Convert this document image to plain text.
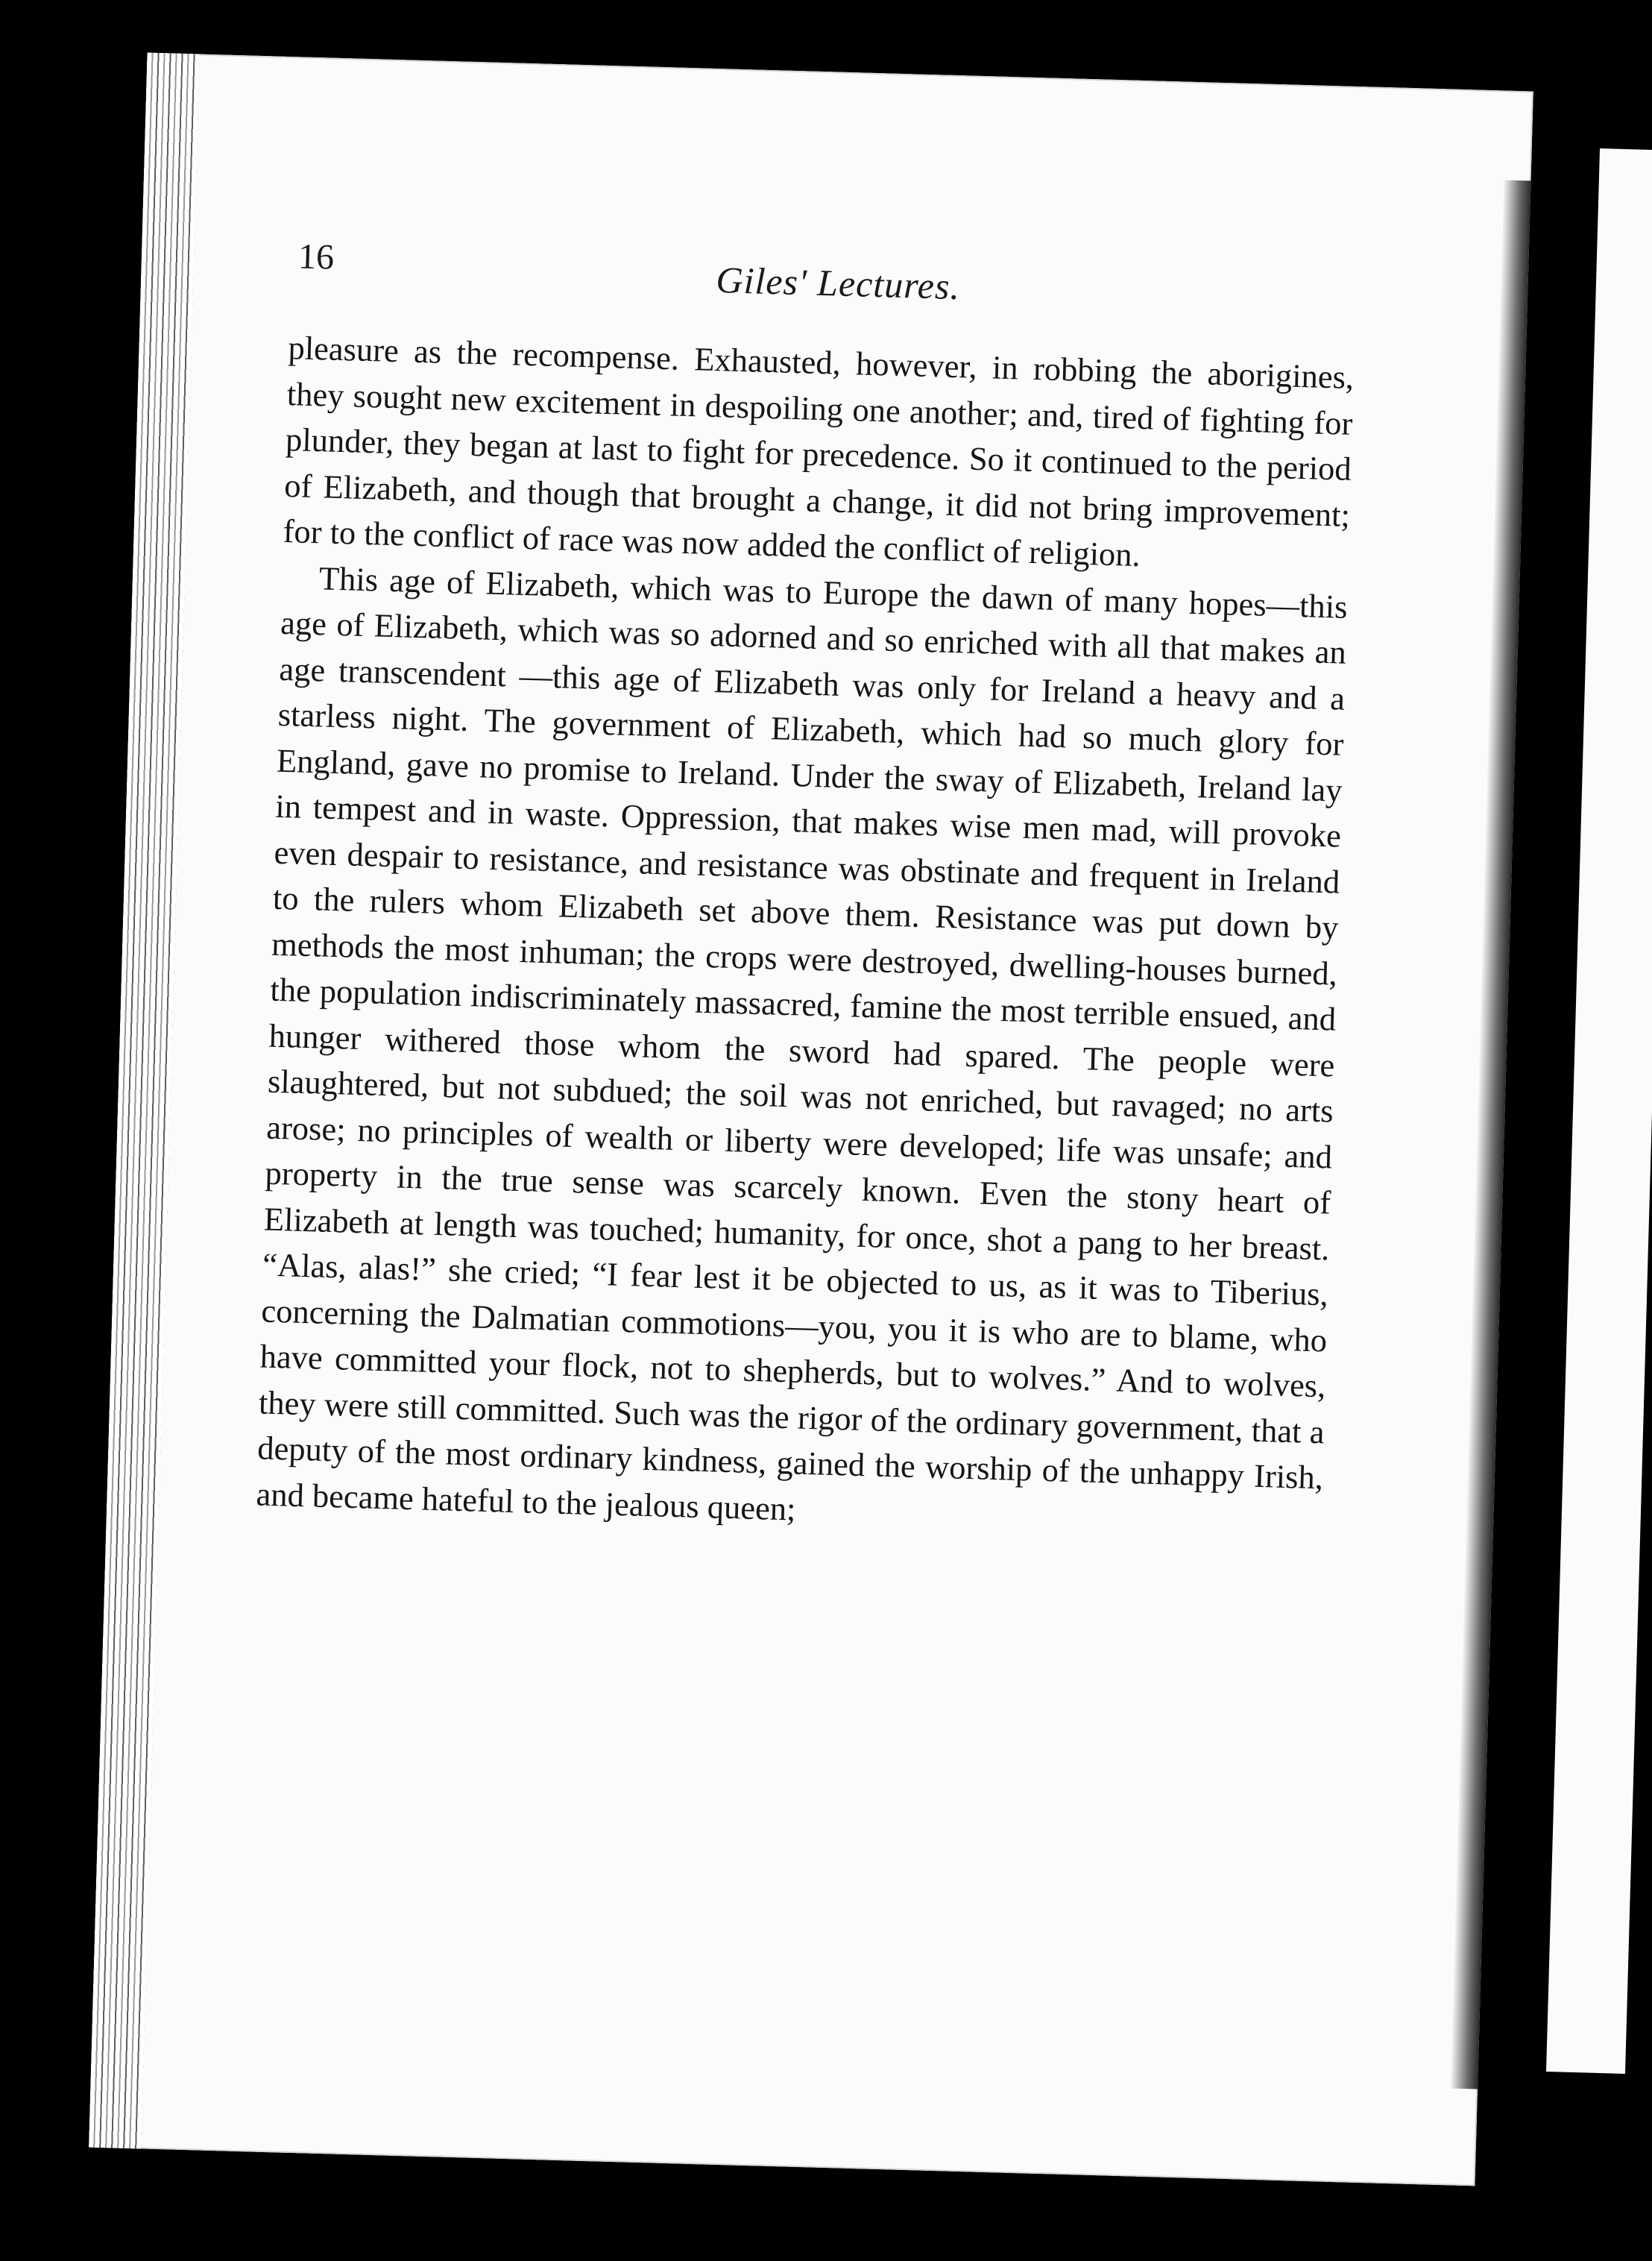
16
Giles' Lectures.

pleasure as the recompense. Exhausted, however, in robbing the aborigines, they sought new excitement in despoiling one another; and, tired of fighting for plunder, they began at last to fight for precedence. So it continued to the period of Elizabeth, and though that brought a change, it did not bring improvement; for to the conflict of race was now added the conflict of religion.

This age of Elizabeth, which was to Europe the dawn of many hopes—this age of Elizabeth, which was so adorned and so enriched with all that makes an age transcendent —this age of Elizabeth was only for Ireland a heavy and a starless night. The government of Elizabeth, which had so much glory for England, gave no promise to Ireland. Under the sway of Elizabeth, Ireland lay in tempest and in waste. Oppression, that makes wise men mad, will provoke even despair to resistance, and resistance was obstinate and frequent in Ireland to the rulers whom Elizabeth set above them. Resistance was put down by methods the most inhuman; the crops were destroyed, dwelling-houses burned, the population indiscriminately massacred, famine the most terrible ensued, and hunger withered those whom the sword had spared. The people were slaughtered, but not subdued; the soil was not enriched, but ravaged; no arts arose; no principles of wealth or liberty were developed; life was unsafe; and property in the true sense was scarcely known. Even the stony heart of Elizabeth at length was touched; humanity, for once, shot a pang to her breast. “Alas, alas!” she cried; “I fear lest it be objected to us, as it was to Tiberius, concerning the Dalmatian commotions—you, you it is who are to blame, who have committed your flock, not to shepherds, but to wolves.” And to wolves, they were still committed. Such was the rigor of the ordinary government, that a deputy of the most ordinary kindness, gained the worship of the unhappy Irish, and became hateful to the jealous queen;
